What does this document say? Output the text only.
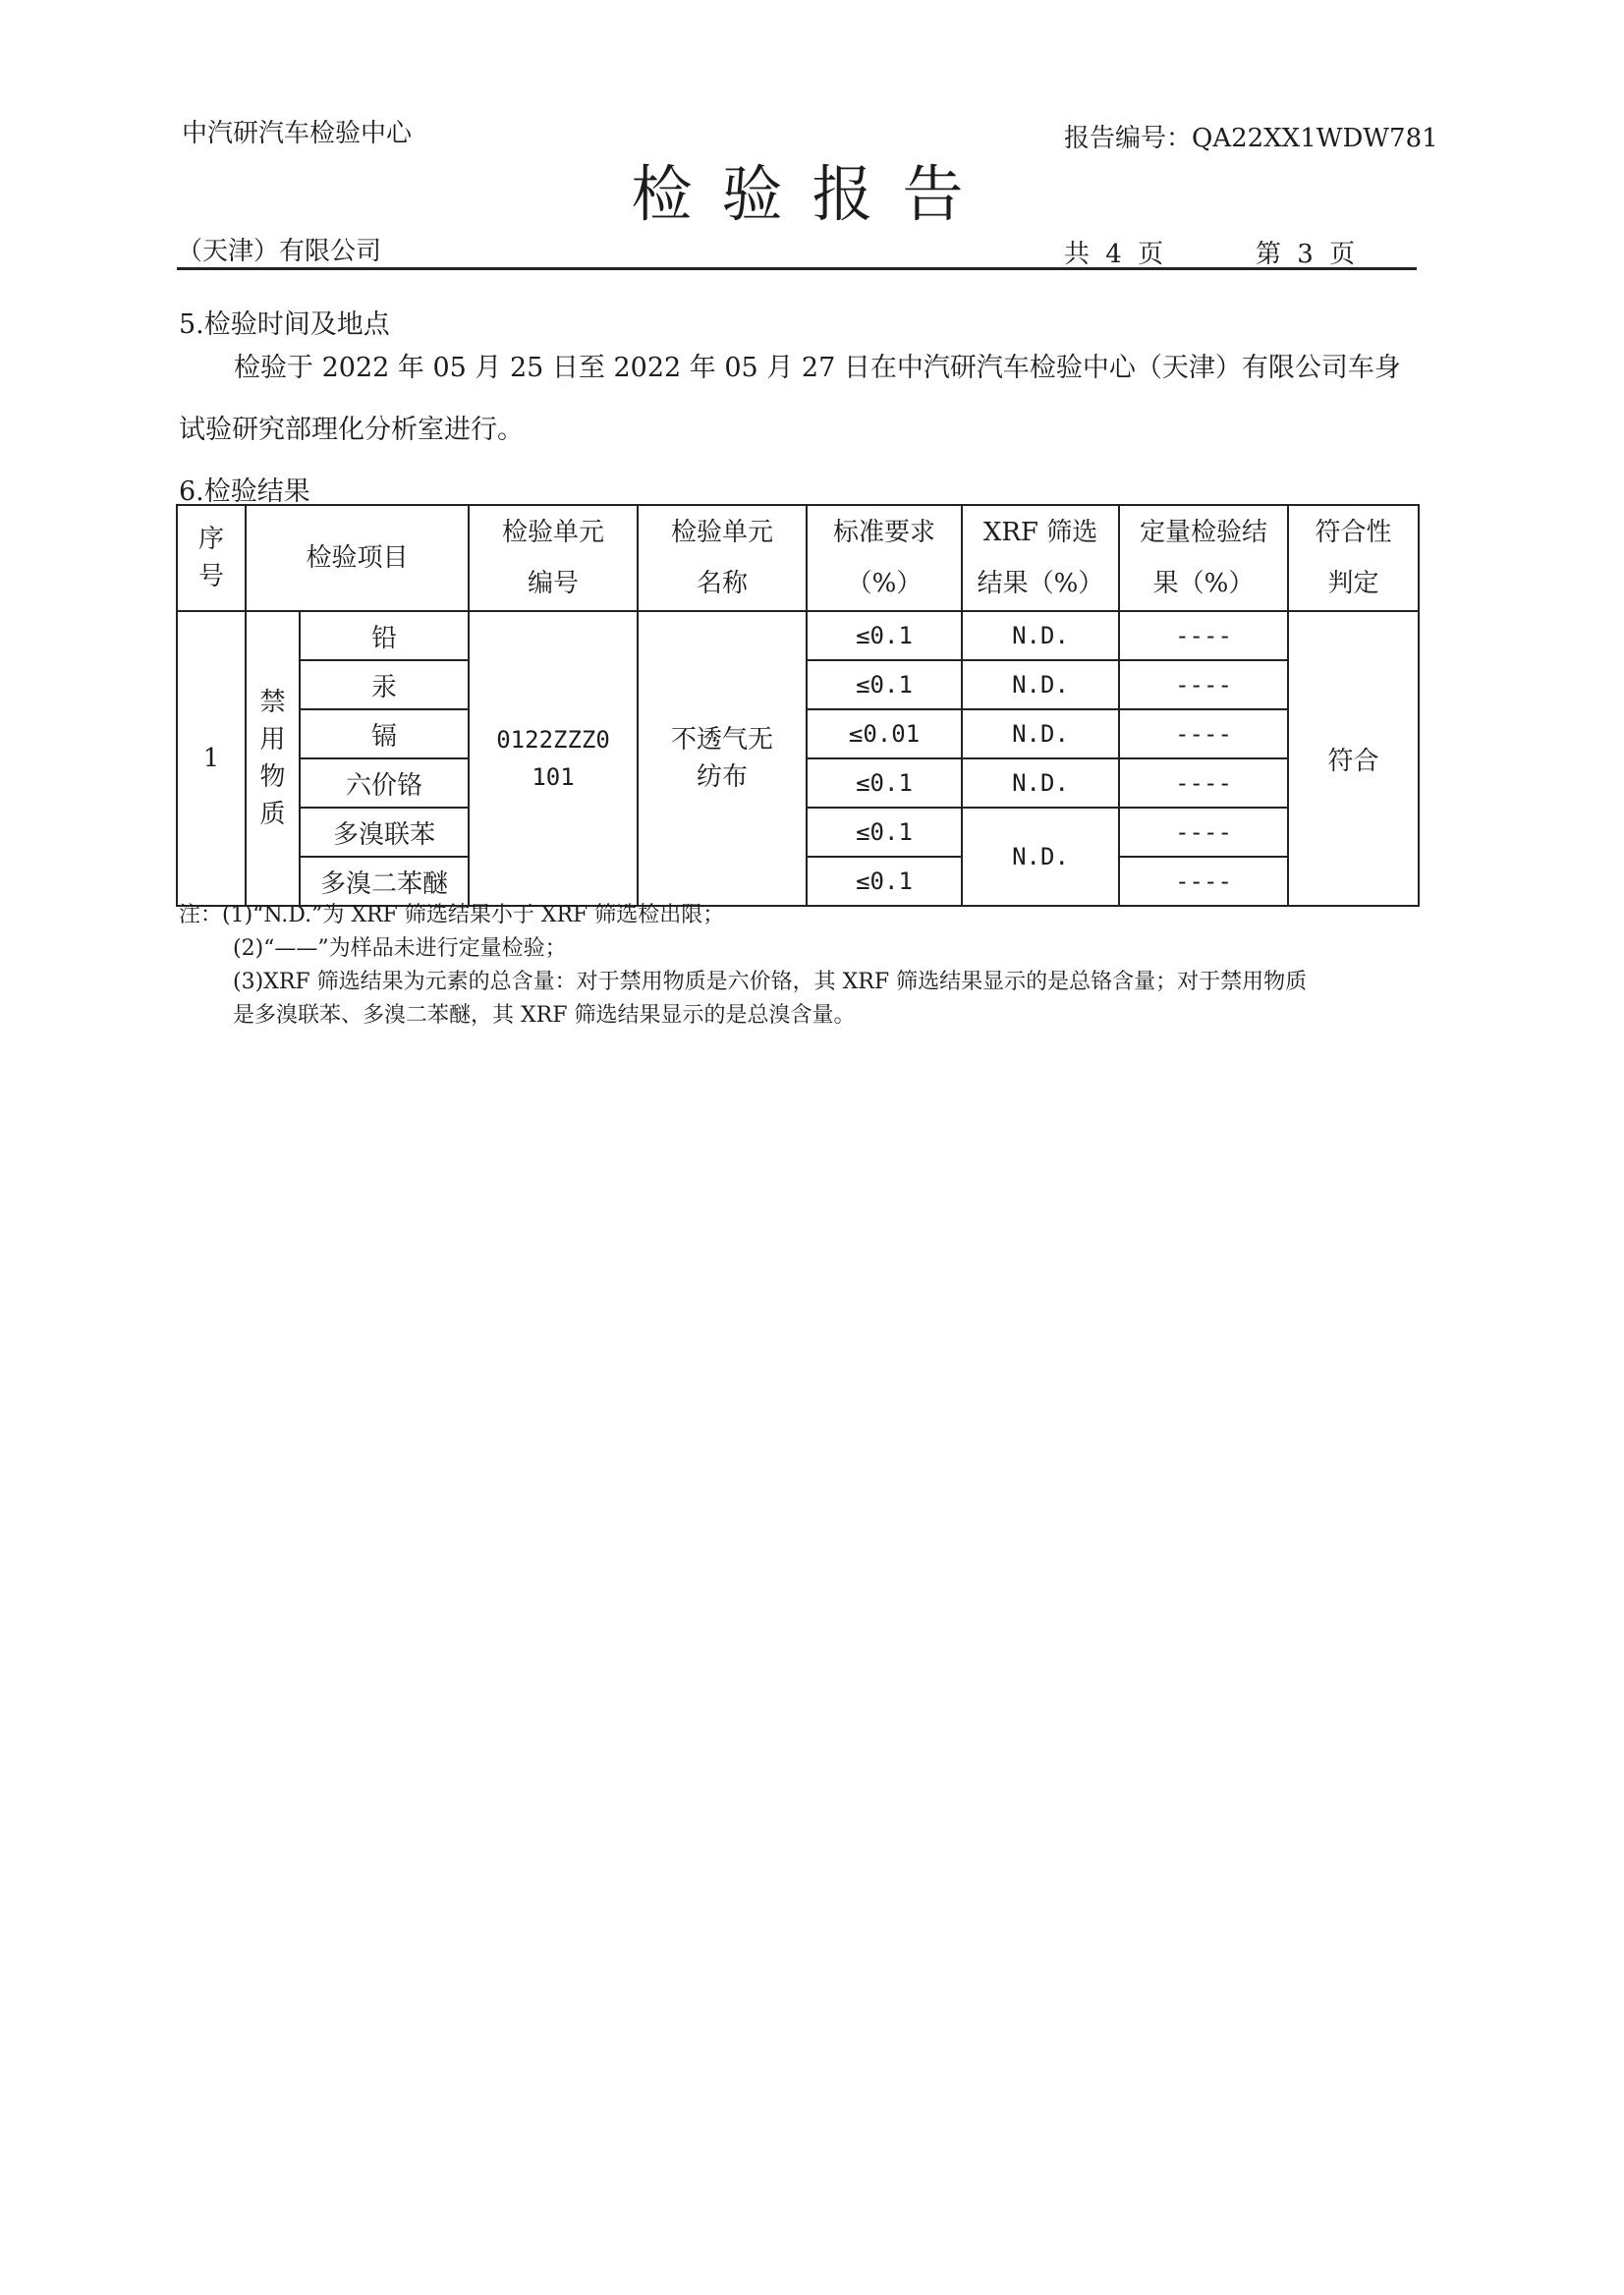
中汽研汽车检验中心	报告编号：QA22XX1WDW781
检验报告
（天津）有限公司	共 4 页	第 3 页
5.检验时间及地点
检验于 2022 年 05 月 25 日至 2022 年 05 月 27 日在中汽研汽车检验中心（天津）有限公司车身试验研究部理化分析室进行。
6.检验结果
序号	检验项目		检验单元编号	检验单元名称	标准要求（%）	XRF 筛选结果（%）	定量检验结果（%）	符合性判定

1	禁用物质	铅	0122ZZZ0101	不透气无纺布	≤0.1	N.D.	----	符合
		汞			≤0.1	N.D.	----	
		镉			≤0.01	N.D.	----	
		六价铬			≤0.1	N.D.	----	
		多溴联苯			≤0.1	N.D.	----	
		多溴二苯醚			≤0.1		----	
注：(1)“N.D.”为 XRF 筛选结果小于 XRF 筛选检出限；
(2)“——”为样品未进行定量检验；
(3)XRF 筛选结果为元素的总含量：对于禁用物质是六价铬，其 XRF 筛选结果显示的是总铬含量；对于禁用物质
是多溴联苯、多溴二苯醚，其 XRF 筛选结果显示的是总溴含量。
